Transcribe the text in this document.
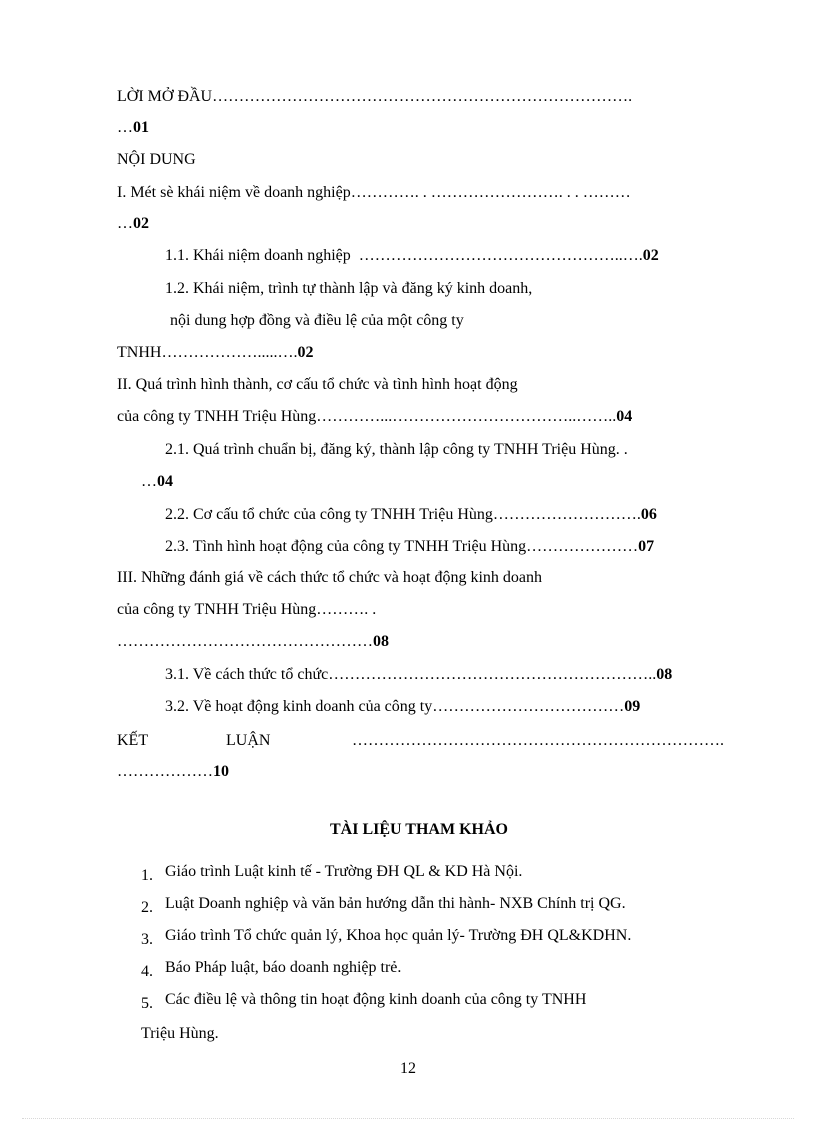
LỜI MỞ ĐẦU…………………………………………………………………….
…01
NỘI DUNG
I. Mét sè khái niệm về doanh nghiệp…………. . ……………………. . . ………
…02
1.1. Khái niệm doanh nghiệp …………………………………………..….02
1.2. Khái niệm, trình tự thành lập và đăng ký kinh doanh,
nội dung hợp đồng và điều lệ của một công ty
TNHH……………….....….02
II. Quá trình hình thành, cơ cấu tổ chức và tình hình hoạt động
của công ty TNHH Triệu Hùng…………...……………………………..……..04
2.1. Quá trình chuẩn bị, đăng ký, thành lập công ty TNHH Triệu Hùng. .
…04
2.2. Cơ cấu tổ chức của công ty TNHH Triệu Hùng……………………….06
2.3. Tình hình hoạt động của công ty TNHH Triệu Hùng…………………07
III. Những đánh giá về cách thức tổ chức và hoạt động kinh doanh
của công ty TNHH Triệu Hùng………. .
…………………………………………08
3.1. Về cách thức tổ chức……………………………………………………..08
3.2. Về hoạt động kinh doanh của công ty………………………………09
KẾT	LUẬN	…………………………………………………………….
………………10
TÀI LIỆU THAM KHẢO
1. Giáo trình Luật kinh tế - Trường ĐH QL & KD Hà Nội.
2. Luật Doanh nghiệp và văn bản hướng dẫn thi hành- NXB Chính trị QG.
3. Giáo trình Tổ chức quản lý, Khoa học quản lý- Trường ĐH QL&KDHN.
4. Báo Pháp luật, báo doanh nghiệp trẻ.
5. Các điều lệ và thông tin hoạt động kinh doanh của công ty TNHH
Triệu Hùng.
12
